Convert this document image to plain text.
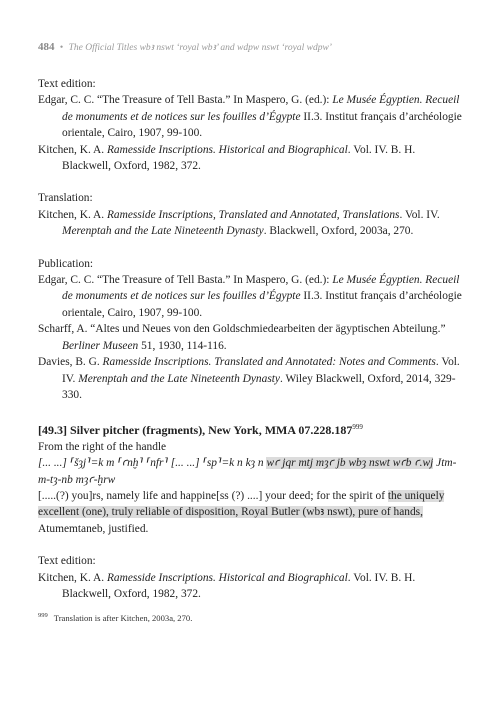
484 • The Official Titles wbꜣ nswt ‘royal wbꜣ’ and wdpw nswt ‘royal wdpw’
Text edition:
Edgar, C. C. “The Treasure of Tell Basta.” In Maspero, G. (ed.): Le Musée Égyptien. Recueil de monuments et de notices sur les fouilles d’Égypte II.3. Institut français d’archéologie orientale, Cairo, 1907, 99-100.
Kitchen, K. A. Ramesside Inscriptions. Historical and Biographical. Vol. IV. B. H. Blackwell, Oxford, 1982, 372.
Translation:
Kitchen, K. A. Ramesside Inscriptions, Translated and Annotated, Translations. Vol. IV. Merenptah and the Late Nineteenth Dynasty. Blackwell, Oxford, 2003a, 270.
Publication:
Edgar, C. C. “The Treasure of Tell Basta.” In Maspero, G. (ed.): Le Musée Égyptien. Recueil de monuments et de notices sur les fouilles d’Égypte II.3. Institut français d’archéologie orientale, Cairo, 1907, 99-100.
Scharff, A. “Altes und Neues von den Goldschmiedearbeiten der ägyptischen Abteilung.” Berliner Museen 51, 1930, 114-116.
Davies, B. G. Ramesside Inscriptions. Translated and Annotated: Notes and Comments. Vol. IV. Merenptah and the Late Nineteenth Dynasty. Wiley Blackwell, Oxford, 2014, 329-330.
[49.3] Silver pitcher (fragments), New York, MMA 07.228.187$^{999}$
From the right of the handle
[... ...] ⸢šȝj⸣=k m ⸢ꜥnḫ⸣ ⸢nfr⸣ [... ...] ⸢sp⸣=k n kȝ n wꜥ jqr mtj mȝꜥ jb wbȝ nswt wꜥb ꜥ.wj Jtm-m-tȝ-nb mȝꜥ-ḫrw
[.....(?) you]rs, namely life and happine[ss (?) ....] your deed; for the spirit of the uniquely excellent (one), truly reliable of disposition, Royal Butler (wbꜣ nswt), pure of hands, Atumemtaneb, justified.
Text edition:
Kitchen, K. A. Ramesside Inscriptions. Historical and Biographical. Vol. IV. B. H. Blackwell, Oxford, 1982, 372.
$^{999}$ Translation is after Kitchen, 2003a, 270.
